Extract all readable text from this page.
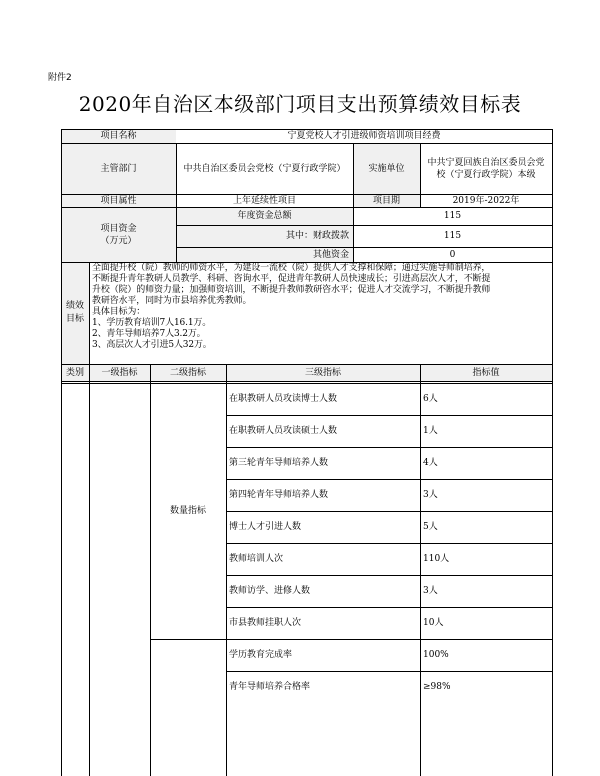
附件2
2020年自治区本级部门项目支出预算绩效目标表
项目名称	宁夏党校人才引进级师资培训项目经费
主管部门	中共自治区委员会党校（宁夏行政学院）	实施单位
中共宁夏回族自治区委员会党校（宁夏行政学院）本级
项目属性	上年延续性项目	项目期	2019年-2022年
项目资金（万元）
年度资金总额	115
其中：财政拨款	115
其他资金	0
绩效目标
全面提升校（院）教师的师资水平，为建设一流校（院）提供人才支撑和保障；通过实施导师制培养，
不断提升青年教研人员教学、科研、咨询水平，促进青年教研人员快速成长；引进高层次人才，不断提
升校（院）的师资力量；加强师资培训，不断提升教师教研咨水平；促进人才交流学习，不断提升教师
教研咨水平，同时为市县培养优秀教师。
具体目标为：
1、学历教育培训7人16.1万。
2、青年导师培养7人3.2万。
3、高层次人才引进5人32万。
类别	一级指标	二级指标	三级指标	指标值
数量指标
在职教研人员攻读博士人数	6人
在职教研人员攻读硕士人数	1人
第三轮青年导师培养人数	4人
第四轮青年导师培养人数	3人
博士人才引进人数	5人
教师培训人次	110人
教师访学、进修人数	3人
市县教师挂职人次	10人
学历教育完成率	100%
青年导师培养合格率	≥98%
